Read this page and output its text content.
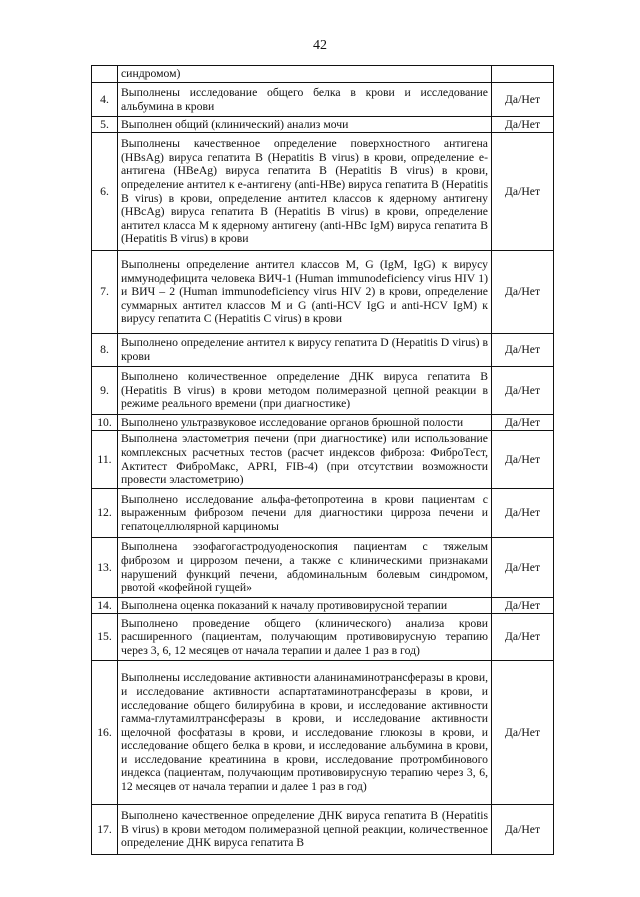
42
	синдромом)	
4.	Выполнены исследование общего белка в крови и исследование альбумина в крови	Да/Нет
5.	Выполнен общий (клинический) анализ мочи	Да/Нет
6.	Выполнены качественное определение поверхностного антигена (HBsAg) вируса гепатита B (Hepatitis B virus) в крови, определение е-антигена (HBeAg) вируса гепатита B (Hepatitis B virus) в крови, определение антител к е-антигену (anti-HBe) вируса гепатита B (Hepatitis B virus) в крови, определение антител классов к ядерному антигену (HBcAg) вируса гепатита B (Hepatitis B virus) в крови, определение антител класса M к ядерному антигену (anti-HBc IgM) вируса гепатита B (Hepatitis B virus) в крови	Да/Нет
7.	Выполнены определение антител классов M, G (IgM, IgG) к вирусу иммунодефицита человека ВИЧ-1 (Human immunodeficiency virus HIV 1) и ВИЧ – 2 (Human immunodeficiency virus HIV 2) в крови, определение суммарных антител классов M и G (anti-HCV IgG и anti-HCV IgM) к вирусу гепатита C (Hepatitis C virus) в крови	Да/Нет
8.	Выполнено определение антител к вирусу гепатита D (Hepatitis D virus) в крови	Да/Нет
9.	Выполнено количественное определение ДНК вируса гепатита B (Hepatitis B virus) в крови методом полимеразной цепной реакции в режиме реального времени (при диагностике)	Да/Нет
10.	Выполнено ультразвуковое исследование органов брюшной полости	Да/Нет
11.	Выполнена эластометрия печени (при диагностике) или использование комплексных расчетных тестов (расчет индексов фиброза: ФиброТест, Актитест ФиброМакс, APRI, FIB-4) (при отсутствии возможности провести эластометрию)	Да/Нет
12.	Выполнено исследование альфа-фетопротеина в крови пациентам с выраженным фиброзом печени для диагностики цирроза печени и гепатоцеллюлярной карциномы	Да/Нет
13.	Выполнена эзофагогастродуоденоскопия пациентам с тяжелым фиброзом и циррозом печени, а также с клиническими признаками нарушений функций печени, абдоминальным болевым синдромом, рвотой «кофейной гущей»	Да/Нет
14.	Выполнена оценка показаний к началу противовирусной терапии	Да/Нет
15.	Выполнено проведение общего (клинического) анализа крови расширенного (пациентам, получающим противовирусную терапию через 3, 6, 12 месяцев от начала терапии и далее 1 раз в год)	Да/Нет
16.	Выполнены исследование активности аланинаминотрансферазы в крови, и исследование активности аспартатаминотрансферазы в крови, и исследование общего билирубина в крови, и исследование активности гамма-глутамилтрансферазы в крови, и исследование активности щелочной фосфатазы в крови, и исследование глюкозы в крови, и исследование общего белка в крови, и исследование альбумина в крови, и исследование креатинина в крови, исследование протромбинового индекса (пациентам, получающим противовирусную терапию через 3, 6, 12 месяцев от начала терапии и далее 1 раз в год)	Да/Нет
17.	Выполнено качественное определение ДНК вируса гепатита B (Hepatitis B virus) в крови методом полимеразной цепной реакции, количественное определение ДНК вируса гепатита B	Да/Нет
